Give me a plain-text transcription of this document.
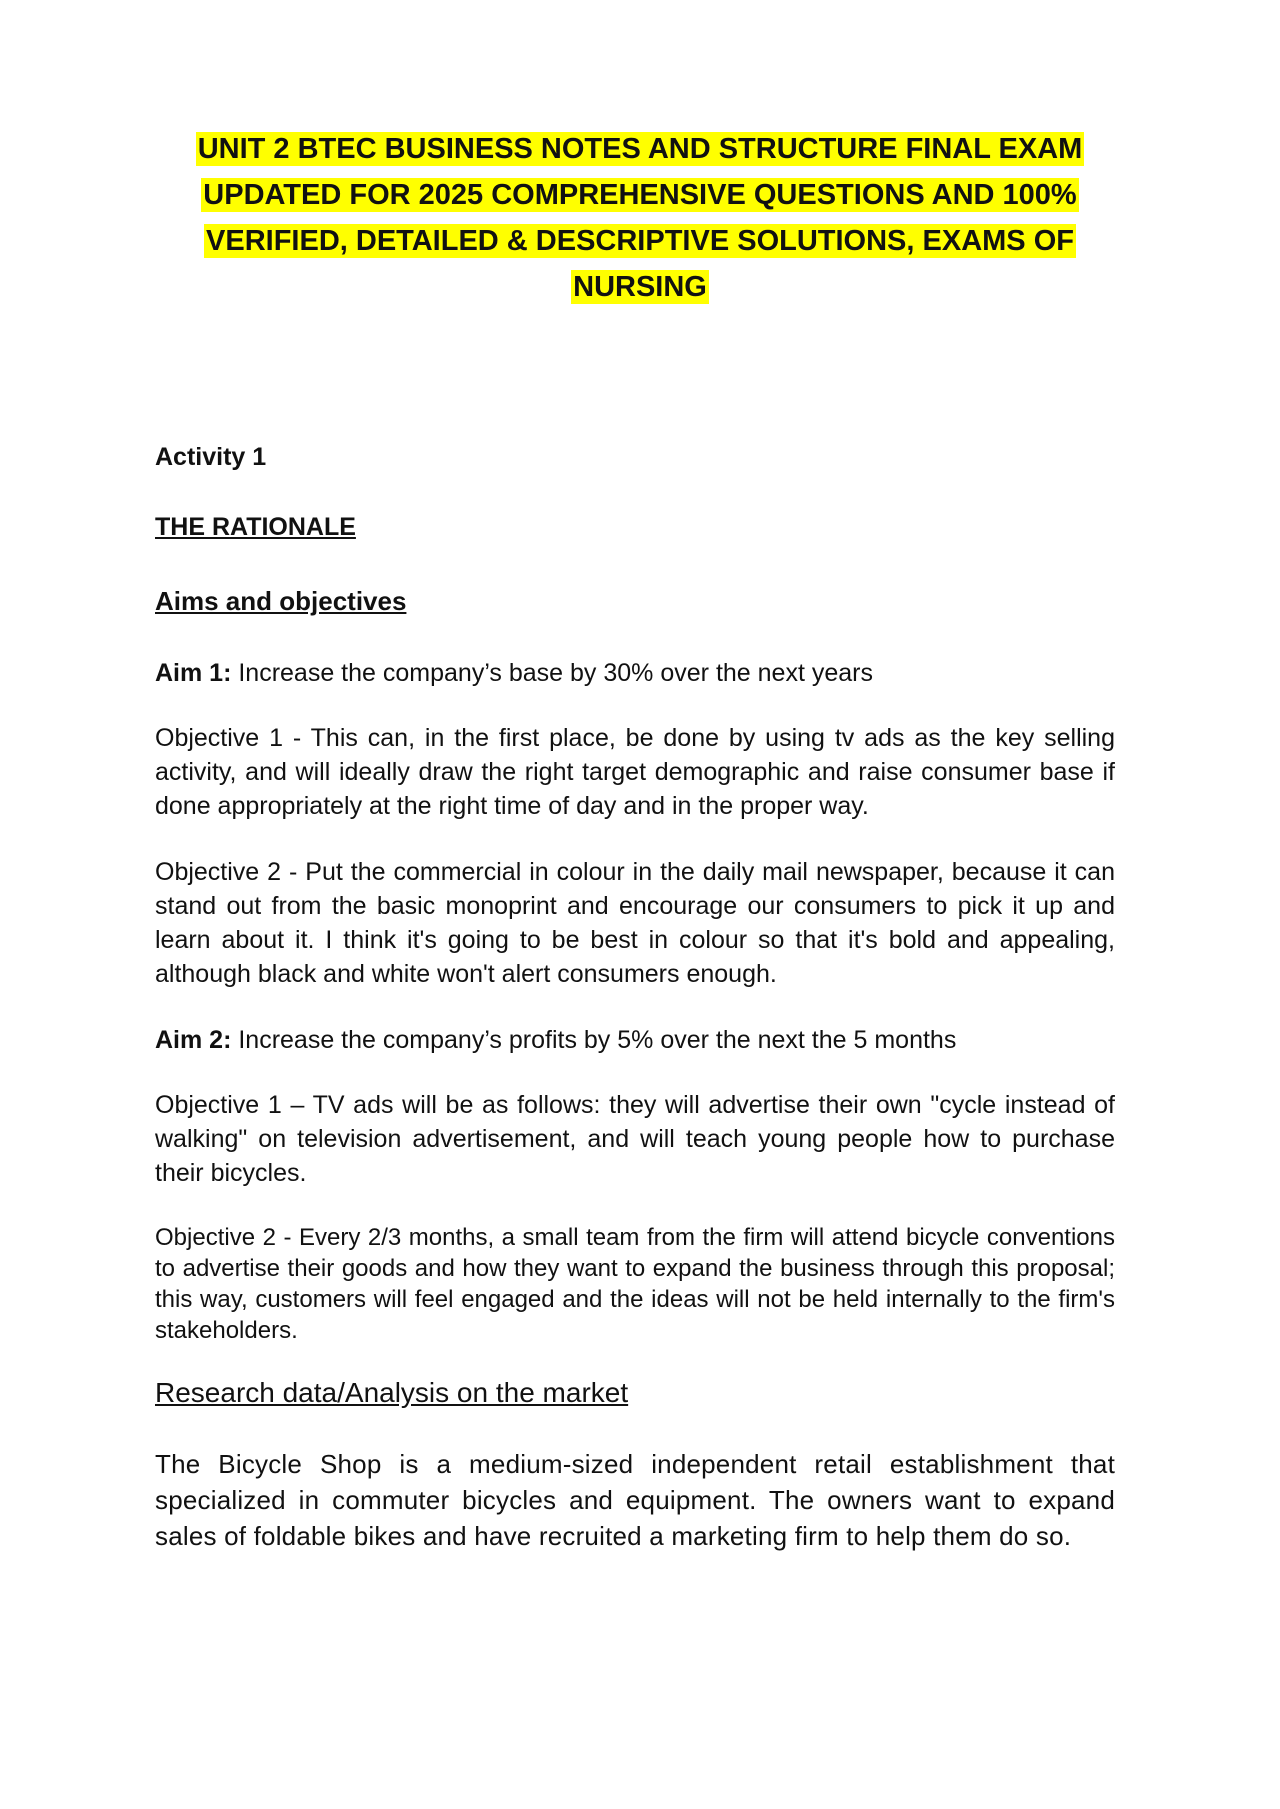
UNIT 2 BTEC BUSINESS NOTES AND STRUCTURE FINAL EXAM UPDATED FOR 2025 COMPREHENSIVE QUESTIONS AND 100% VERIFIED, DETAILED & DESCRIPTIVE SOLUTIONS, EXAMS OF NURSING
Activity 1
THE RATIONALE
Aims and objectives
Aim 1: Increase the company’s base by 30% over the next years
Objective 1 - This can, in the first place, be done by using tv ads as the key selling activity, and will ideally draw the right target demographic and raise consumer base if done appropriately at the right time of day and in the proper way.
Objective 2 - Put the commercial in colour in the daily mail newspaper, because it can stand out from the basic monoprint and encourage our consumers to pick it up and learn about it. I think it's going to be best in colour so that it's bold and appealing, although black and white won't alert consumers enough.
Aim 2: Increase the company’s profits by 5% over the next the 5 months
Objective 1 – TV ads will be as follows: they will advertise their own "cycle instead of walking" on television advertisement, and will teach young people how to purchase their bicycles.
Objective 2 - Every 2/3 months, a small team from the firm will attend bicycle conventions to advertise their goods and how they want to expand the business through this proposal; this way, customers will feel engaged and the ideas will not be held internally to the firm's stakeholders.
Research data/Analysis on the market
The Bicycle Shop is a medium-sized independent retail establishment that specialized in commuter bicycles and equipment. The owners want to expand sales of foldable bikes and have recruited a marketing firm to help them do so.
